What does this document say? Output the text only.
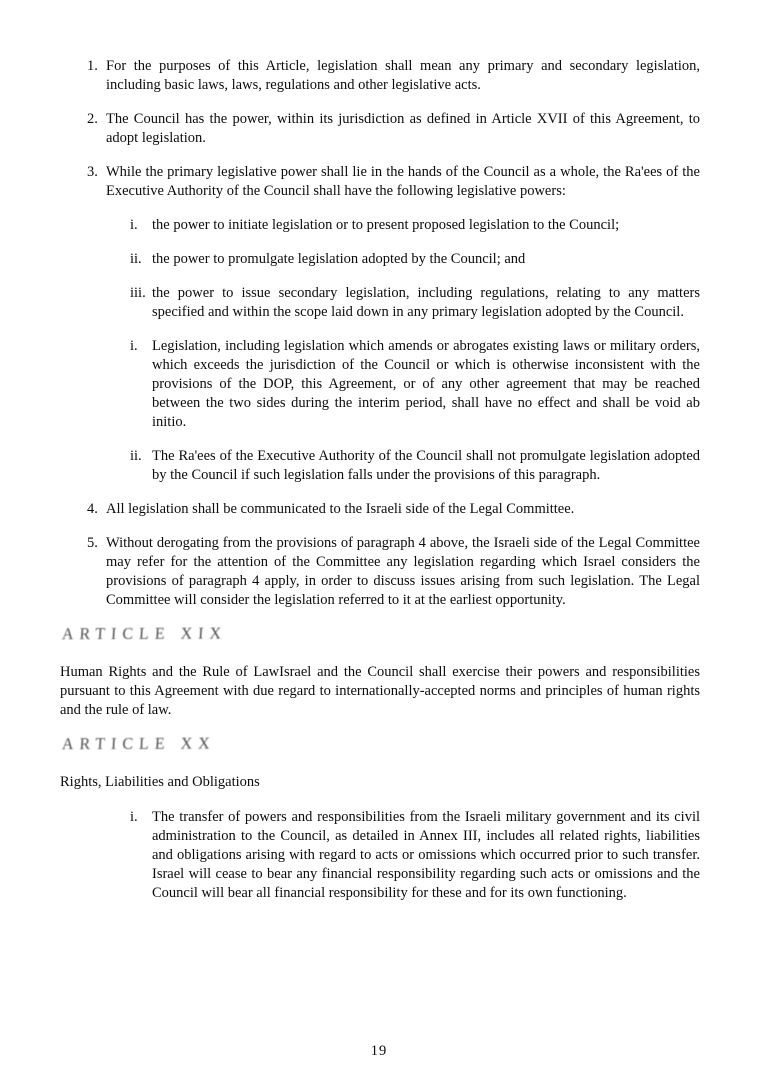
1. For the purposes of this Article, legislation shall mean any primary and secondary legislation, including basic laws, laws, regulations and other legislative acts.
2. The Council has the power, within its jurisdiction as defined in Article XVII of this Agreement, to adopt legislation.
3. While the primary legislative power shall lie in the hands of the Council as a whole, the Ra'ees of the Executive Authority of the Council shall have the following legislative powers:
i. the power to initiate legislation or to present proposed legislation to the Council;
ii. the power to promulgate legislation adopted by the Council; and
iii. the power to issue secondary legislation, including regulations, relating to any matters specified and within the scope laid down in any primary legislation adopted by the Council.
i. Legislation, including legislation which amends or abrogates existing laws or military orders, which exceeds the jurisdiction of the Council or which is otherwise inconsistent with the provisions of the DOP, this Agreement, or of any other agreement that may be reached between the two sides during the interim period, shall have no effect and shall be void ab initio.
ii. The Ra'ees of the Executive Authority of the Council shall not promulgate legislation adopted by the Council if such legislation falls under the provisions of this paragraph.
4. All legislation shall be communicated to the Israeli side of the Legal Committee.
5. Without derogating from the provisions of paragraph 4 above, the Israeli side of the Legal Committee may refer for the attention of the Committee any legislation regarding which Israel considers the provisions of paragraph 4 apply, in order to discuss issues arising from such legislation. The Legal Committee will consider the legislation referred to it at the earliest opportunity.
ARTICLE XIX
Human Rights and the Rule of LawIsrael and the Council shall exercise their powers and responsibilities pursuant to this Agreement with due regard to internationally-accepted norms and principles of human rights and the rule of law.
ARTICLE XX
Rights, Liabilities and Obligations
i. The transfer of powers and responsibilities from the Israeli military government and its civil administration to the Council, as detailed in Annex III, includes all related rights, liabilities and obligations arising with regard to acts or omissions which occurred prior to such transfer. Israel will cease to bear any financial responsibility regarding such acts or omissions and the Council will bear all financial responsibility for these and for its own functioning.
19
